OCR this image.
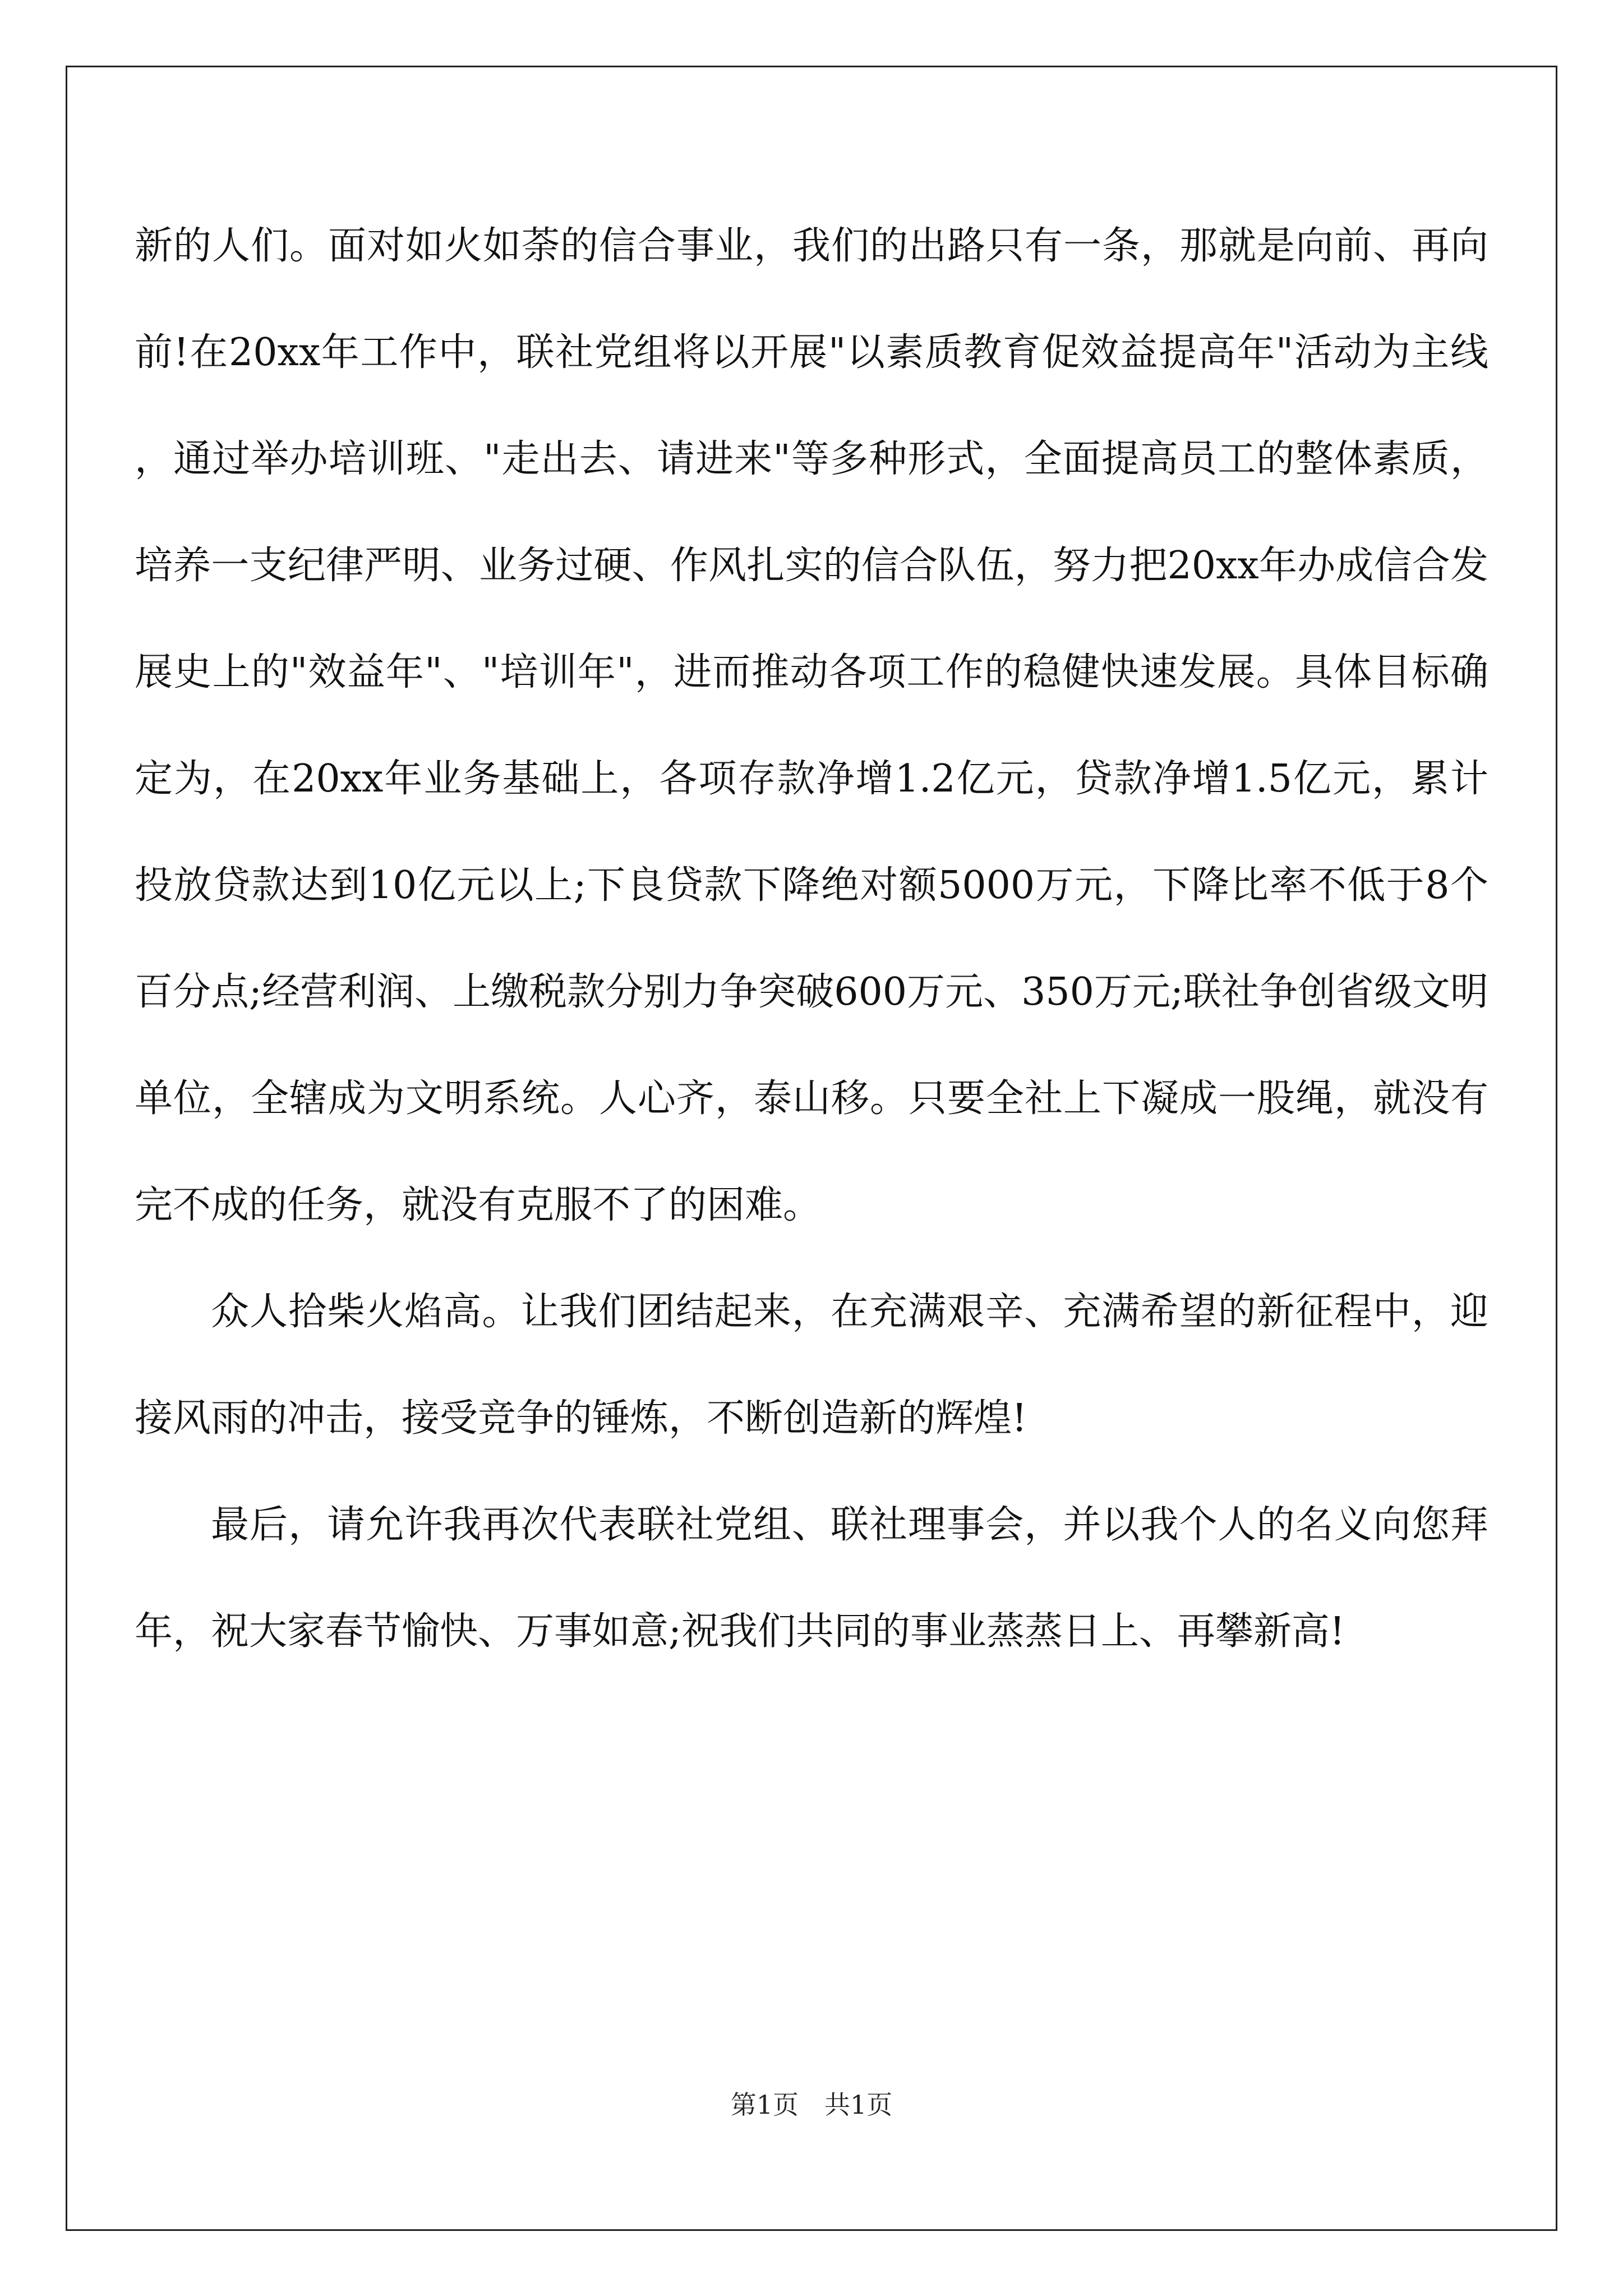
新的人们。面对如火如荼的信合事业，我们的出路只有一条，那就是向前、再向前!在20xx年工作中，联社党组将以开展"以素质教育促效益提高年"活动为主线，通过举办培训班、"走出去、请进来"等多种形式，全面提高员工的整体素质，培养一支纪律严明、业务过硬、作风扎实的信合队伍，努力把20xx年办成信合发展史上的"效益年"、"培训年"，进而推动各项工作的稳健快速发展。具体目标确定为，在20xx年业务基础上，各项存款净增1.2亿元，贷款净增1.5亿元，累计投放贷款达到10亿元以上;下良贷款下降绝对额5000万元，下降比率不低于8个百分点;经营利润、上缴税款分别力争突破600万元、350万元;联社争创省级文明单位，全辖成为文明系统。人心齐，泰山移。只要全社上下凝成一股绳，就没有完不成的任务，就没有克服不了的困难。

众人拾柴火焰高。让我们团结起来，在充满艰辛、充满希望的新征程中，迎接风雨的冲击，接受竞争的锤炼，不断创造新的辉煌!

最后，请允许我再次代表联社党组、联社理事会，并以我个人的名义向您拜年，祝大家春节愉快、万事如意;祝我们共同的事业蒸蒸日上、再攀新高!

第1页　共1页
